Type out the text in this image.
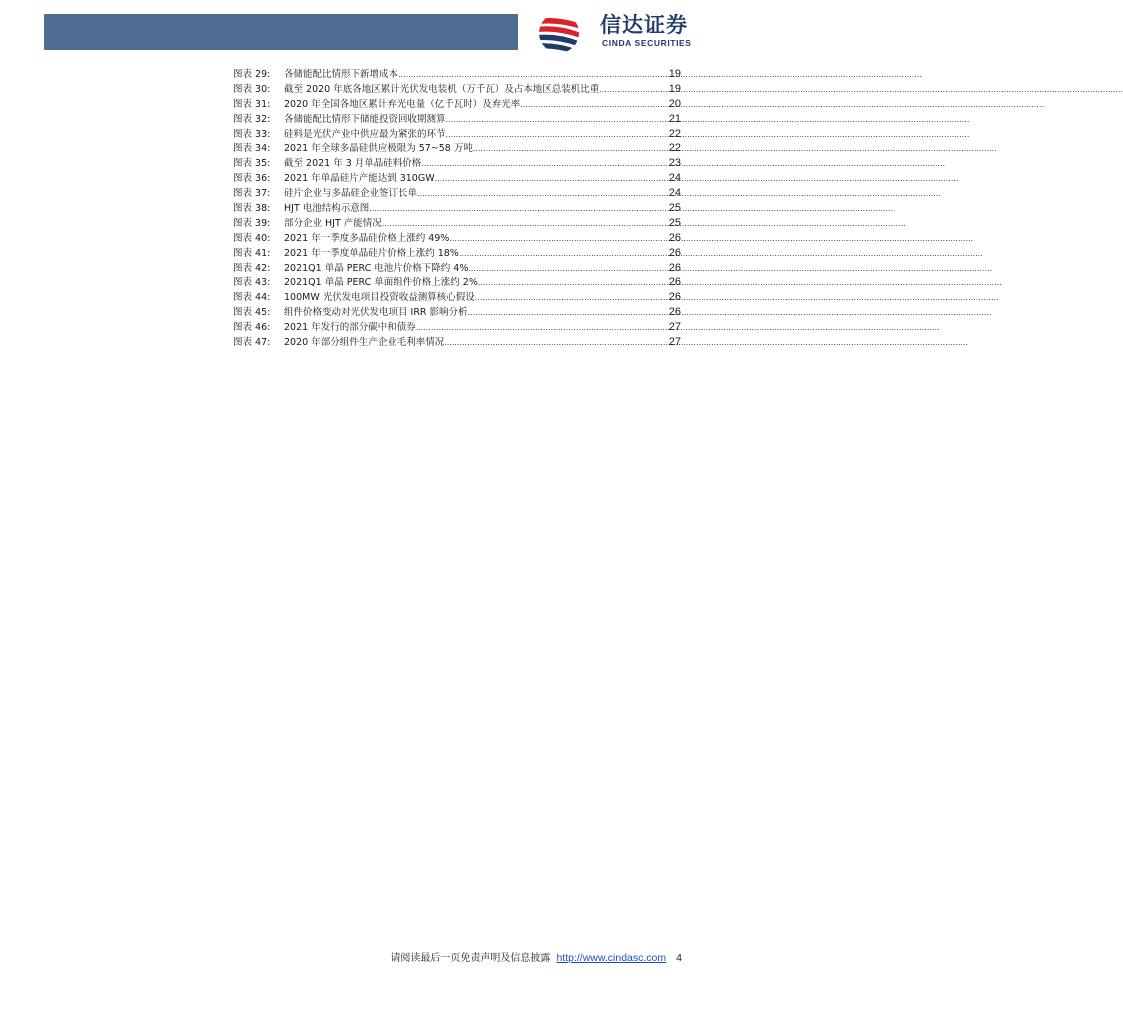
信达证券
CINDA SECURITIES
图表 29:	各储能配比情形下新增成本 .....	19
图表 30:	截至 2020 年底各地区累计光伏发电装机（万千瓦）及占本地区总装机比重 .....	19
图表 31:	2020 年全国各地区累计弃光电量（亿千瓦时）及弃光率 .....	20
图表 32:	各储能配比情形下储能投资回收期测算 .....	21
图表 33:	硅料是光伏产业中供应最为紧张的环节 .....	22
图表 34:	2021 年全球多晶硅供应极限为 57~58 万吨 .....	22
图表 35:	截至 2021 年 3 月单晶硅料价格 .....	23
图表 36:	2021 年单晶硅片产能达到 310GW .....	24
图表 37:	硅片企业与多晶硅企业签订长单 .....	24
图表 38:	HJT 电池结构示意图 .....	25
图表 39:	部分企业 HJT 产能情况 .....	25
图表 40:	2021 年一季度多晶硅价格上涨约 49% .....	26
图表 41:	2021 年一季度单晶硅片价格上涨约 18% .....	26
图表 42:	2021Q1 单晶 PERC 电池片价格下降约 4% .....	26
图表 43:	2021Q1 单晶 PERC 单面组件价格上涨约 2% .....	26
图表 44:	100MW 光伏发电项目投资收益测算核心假设 .....	26
图表 45:	组件价格变动对光伏发电项目 IRR 影响分析 .....	26
图表 46:	2021 年发行的部分碳中和债券 .....	27
图表 47:	2020 年部分组件生产企业毛利率情况 .....	27
请阅读最后一页免责声明及信息披露 http://www.cindasc.com 4
